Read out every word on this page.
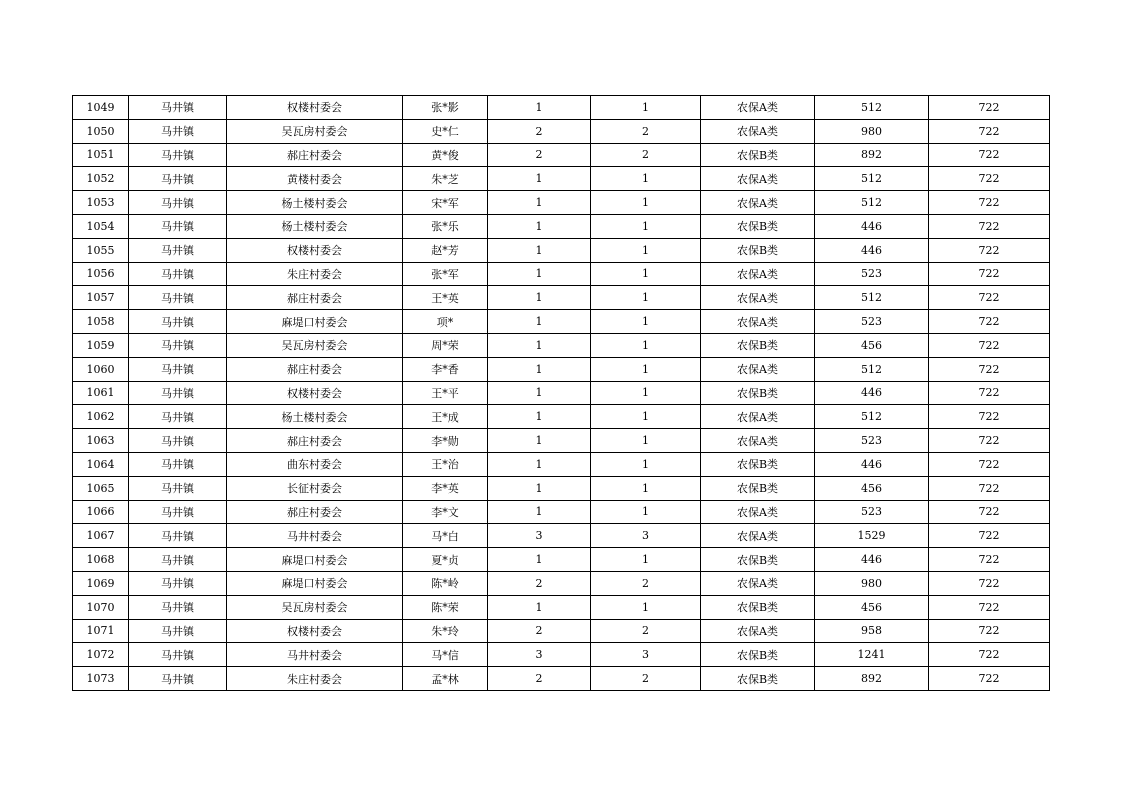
1049	马井镇	权楼村委会	张*影	1	1	农保A类	512	722
1050	马井镇	吴瓦房村委会	史*仁	2	2	农保A类	980	722
1051	马井镇	郝庄村委会	黄*俊	2	2	农保B类	892	722
1052	马井镇	黄楼村委会	朱*芝	1	1	农保A类	512	722
1053	马井镇	杨土楼村委会	宋*军	1	1	农保A类	512	722
1054	马井镇	杨土楼村委会	张*乐	1	1	农保B类	446	722
1055	马井镇	权楼村委会	赵*芳	1	1	农保B类	446	722
1056	马井镇	朱庄村委会	张*军	1	1	农保A类	523	722
1057	马井镇	郝庄村委会	王*英	1	1	农保A类	512	722
1058	马井镇	麻堤口村委会	项*	1	1	农保A类	523	722
1059	马井镇	吴瓦房村委会	周*荣	1	1	农保B类	456	722
1060	马井镇	郝庄村委会	李*香	1	1	农保A类	512	722
1061	马井镇	权楼村委会	王*平	1	1	农保B类	446	722
1062	马井镇	杨土楼村委会	王*成	1	1	农保A类	512	722
1063	马井镇	郝庄村委会	李*勋	1	1	农保A类	523	722
1064	马井镇	曲东村委会	王*治	1	1	农保B类	446	722
1065	马井镇	长征村委会	李*英	1	1	农保B类	456	722
1066	马井镇	郝庄村委会	李*文	1	1	农保A类	523	722
1067	马井镇	马井村委会	马*白	3	3	农保A类	1529	722
1068	马井镇	麻堤口村委会	夏*贞	1	1	农保B类	446	722
1069	马井镇	麻堤口村委会	陈*岭	2	2	农保A类	980	722
1070	马井镇	吴瓦房村委会	陈*荣	1	1	农保B类	456	722
1071	马井镇	权楼村委会	朱*玲	2	2	农保A类	958	722
1072	马井镇	马井村委会	马*信	3	3	农保B类	1241	722
1073	马井镇	朱庄村委会	孟*林	2	2	农保B类	892	722
